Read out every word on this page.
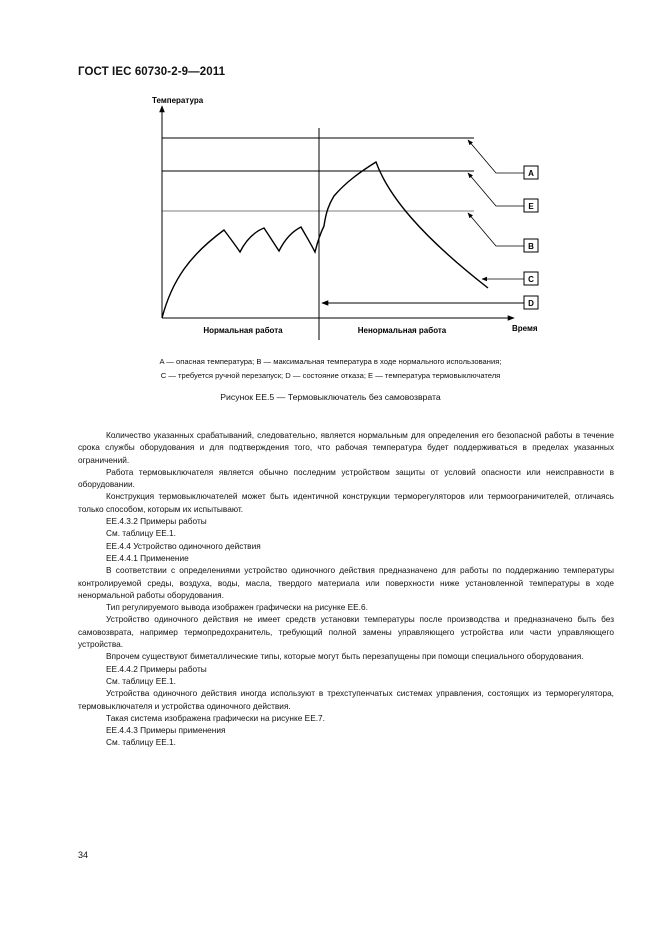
ГОСТ IEC 60730-2-9—2011
A
E
B
C
D
Температура
Время
Нормальная работа	Ненормальная работа
A — опасная температура; B — максимальная температура в ходе нормального использования;
C — требуется ручной перезапуск; D — состояние отказа; E — температура термовыключателя
Рисунок ЕЕ.5 — Термовыключатель без самовозврата

Количество указанных срабатываний, следовательно, является нормальным для определения его безопасной работы в течение срока службы оборудования и для подтверждения того, что рабочая температура будет поддерживаться в пределах указанных ограничений.

Работа термовыключателя является обычно последним устройством защиты от условий опасности или неисправности в оборудовании.

Конструкция термовыключателей может быть идентичной конструкции терморегуляторов или термоограничителей, отличаясь только способом, которым их испытывают.

ЕЕ.4.3.2 Примеры работы

См. таблицу ЕЕ.1.

ЕЕ.4.4 Устройство одиночного действия

ЕЕ.4.4.1 Применение

В соответствии с определениями устройство одиночного действия предназначено для работы по поддержанию температуры контролируемой среды, воздуха, воды, масла, твердого материала или поверхности ниже установленной температуры в ходе ненормальной работы оборудования.

Тип регулируемого вывода изображен графически на рисунке ЕЕ.6.

Устройство одиночного действия не имеет средств установки температуры после производства и предназначено быть без самовозврата, например термопредохранитель, требующий полной замены управляющего устройства или части управляющего устройства.

Впрочем существуют биметаллические типы, которые могут быть перезапущены при помощи специального оборудования.

ЕЕ.4.4.2 Примеры работы

См. таблицу ЕЕ.1.

Устройства одиночного действия иногда используют в трехступенчатых системах управления, состоящих из терморегулятора, термовыключателя и устройства одиночного действия.

Такая система изображена графически на рисунке ЕЕ.7.

ЕЕ.4.4.3 Примеры применения

См. таблицу ЕЕ.1.

34
